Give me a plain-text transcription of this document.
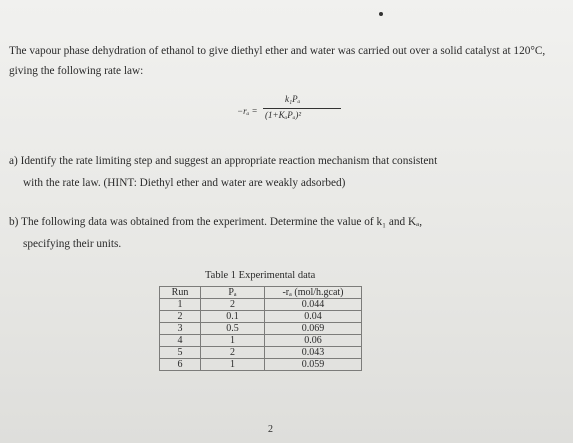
The vapour phase dehydration of ethanol to give diethyl ether and water was carried out over a solid catalyst at 120°C, giving the following rate law:

−rₐ =
k₁Pₐ
(1+KₐPₐ)²

a) Identify the rate limiting step and suggest an appropriate reaction mechanism that consistent
with the rate law. (HINT: Diethyl ether and water are weakly adsorbed)

b) The following data was obtained from the experiment. Determine the value of k₁ and Kₐ,
specifying their units.

Table 1 Experimental data
Run	Pₐ	-rₐ (mol/h.gcat)
1	2	0.044
2	0.1	0.04
3	0.5	0.069
4	1	0.06
5	2	0.043
6	1	0.059
2
